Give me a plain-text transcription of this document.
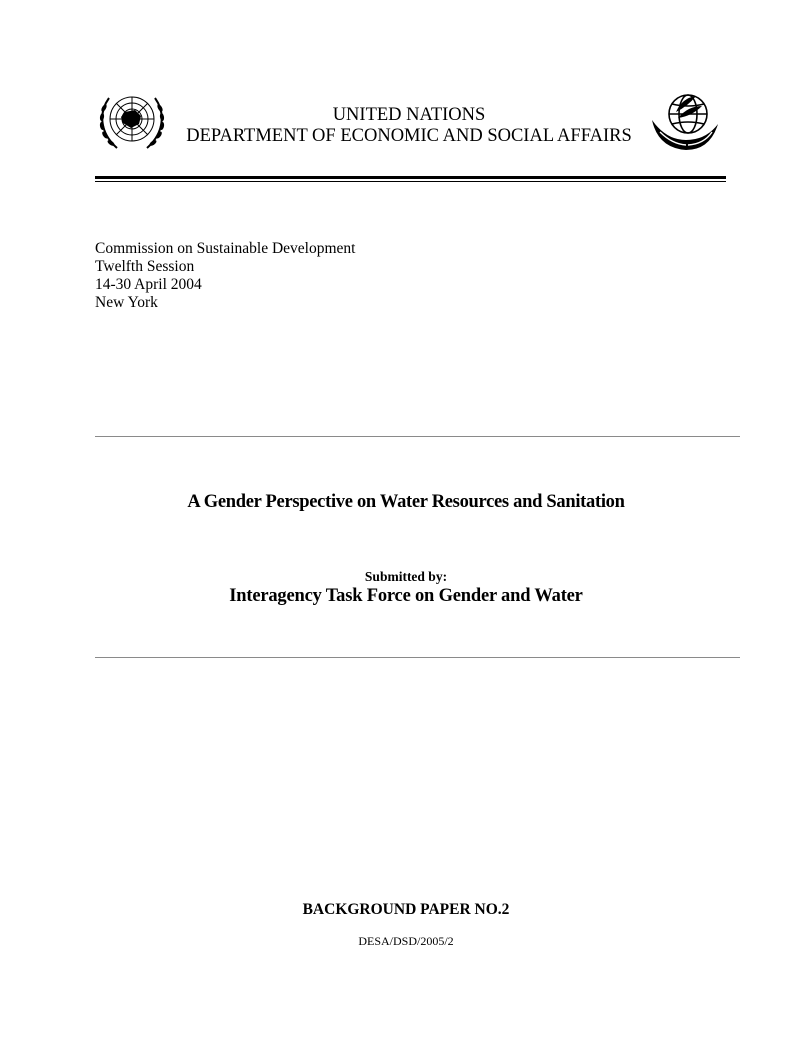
UNITED NATIONS
DEPARTMENT OF ECONOMIC AND SOCIAL AFFAIRS
Commission on Sustainable Development
Twelfth Session
14-30 April 2004
New York
A Gender Perspective on Water Resources and Sanitation
Submitted by:
Interagency Task Force on Gender and Water
BACKGROUND PAPER NO.2
DESA/DSD/2005/2
